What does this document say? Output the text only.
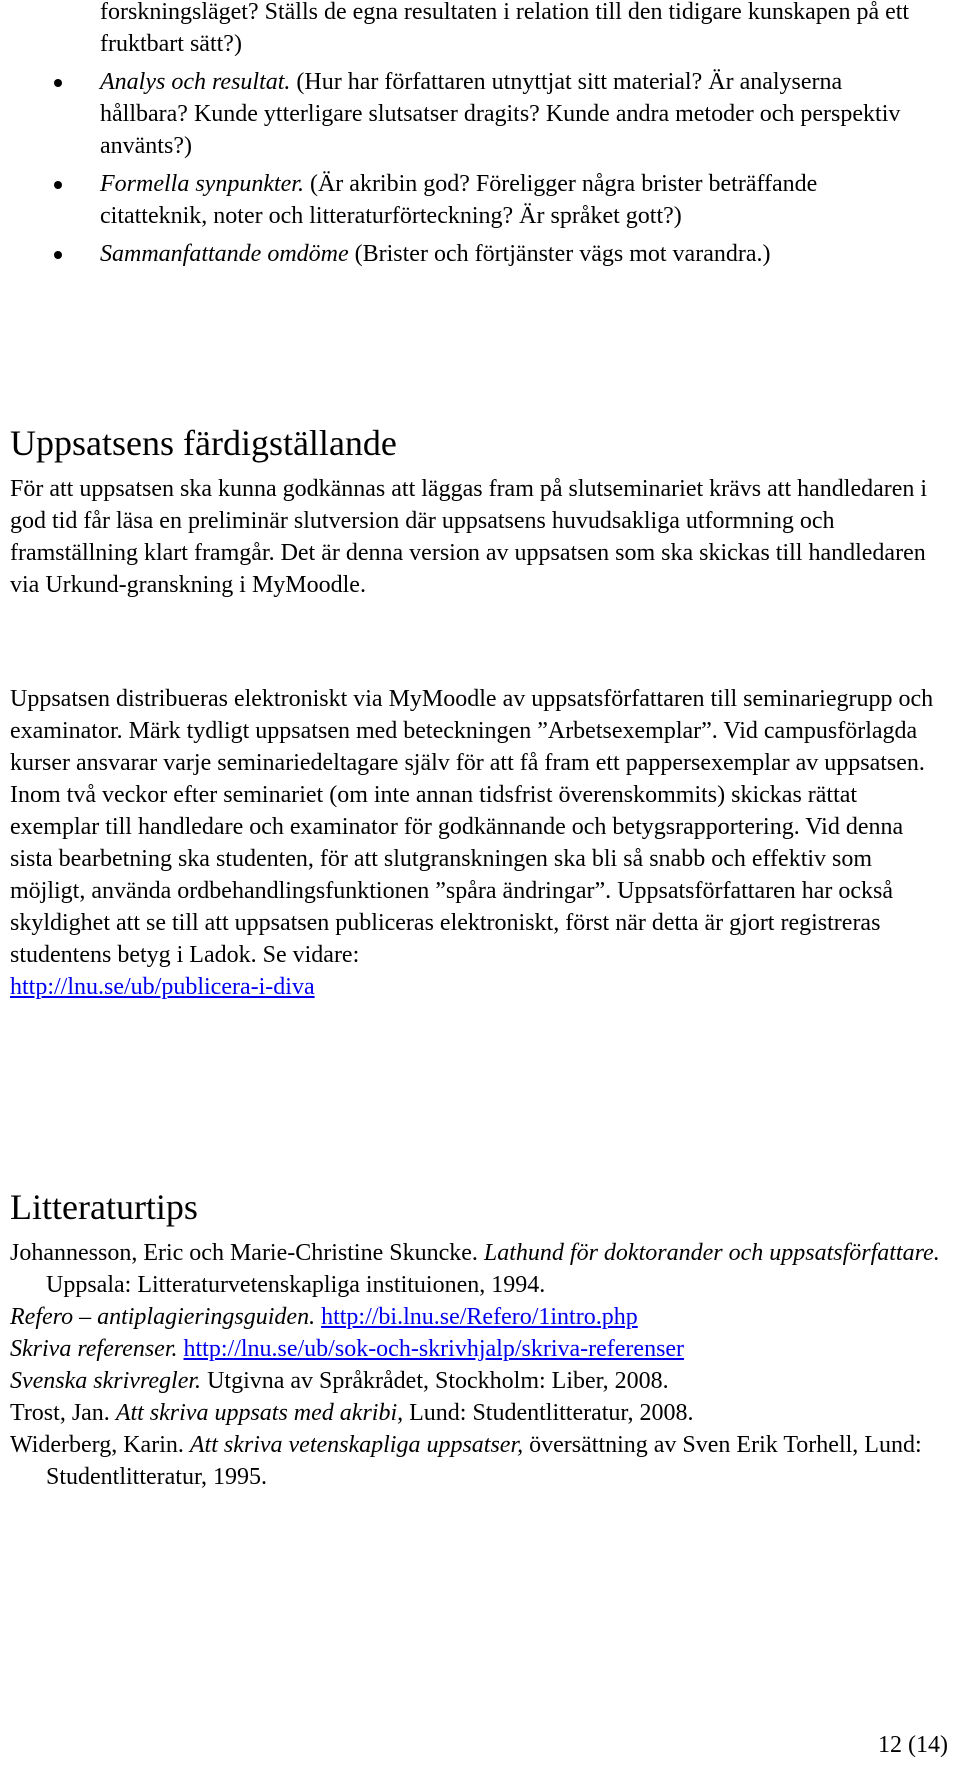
forskningsläget? Ställs de egna resultaten i relation till den tidigare kunskapen på ett fruktbart sätt?)
Analys och resultat. (Hur har författaren utnyttjat sitt material? Är analyserna hållbara? Kunde ytterligare slutsatser dragits? Kunde andra metoder och perspektiv använts?)
Formella synpunkter. (Är akribin god? Föreligger några brister beträffande citatteknik, noter och litteraturförteckning? Är språket gott?)
Sammanfattande omdöme (Brister och förtjänster vägs mot varandra.)
Uppsatsens färdigställande

För att uppsatsen ska kunna godkännas att läggas fram på slutseminariet krävs att handledaren i god tid får läsa en preliminär slutversion där uppsatsens huvudsakliga utformning och framställning klart framgår. Det är denna version av uppsatsen som ska skickas till handledaren via Urkund-granskning i MyMoodle.

Uppsatsen distribueras elektroniskt via MyMoodle av uppsatsförfattaren till seminariegrupp och examinator. Märk tydligt uppsatsen med beteckningen ”Arbetsexemplar”. Vid campusförlagda kurser ansvarar varje seminariedeltagare själv för att få fram ett pappersexemplar av uppsatsen. Inom två veckor efter seminariet (om inte annan tidsfrist överenskommits) skickas rättat exemplar till handledare och examinator för godkännande och betygsrapportering. Vid denna sista bearbetning ska studenten, för att slutgranskningen ska bli så snabb och effektiv som möjligt, använda ordbehandlingsfunktionen ”spåra ändringar”. Uppsatsförfattaren har också skyldighet att se till att uppsatsen publiceras elektroniskt, först när detta är gjort registreras studentens betyg i Ladok. Se vidare:
http://lnu.se/ub/publicera-i-diva

Litteraturtips

Johannesson, Eric och Marie-Christine Skuncke. Lathund för doktorander och uppsatsförfattare. Uppsala: Litteraturvetenskapliga instituionen, 1994.

Refero – antiplagieringsguiden. http://bi.lnu.se/Refero/1intro.php

Skriva referenser. http://lnu.se/ub/sok-och-skrivhjalp/skriva-referenser

Svenska skrivregler. Utgivna av Språkrådet, Stockholm: Liber, 2008.

Trost, Jan. Att skriva uppsats med akribi, Lund: Studentlitteratur, 2008.

Widerberg, Karin. Att skriva vetenskapliga uppsatser, översättning av Sven Erik Torhell, Lund: Studentlitteratur, 1995.

12 (14)
